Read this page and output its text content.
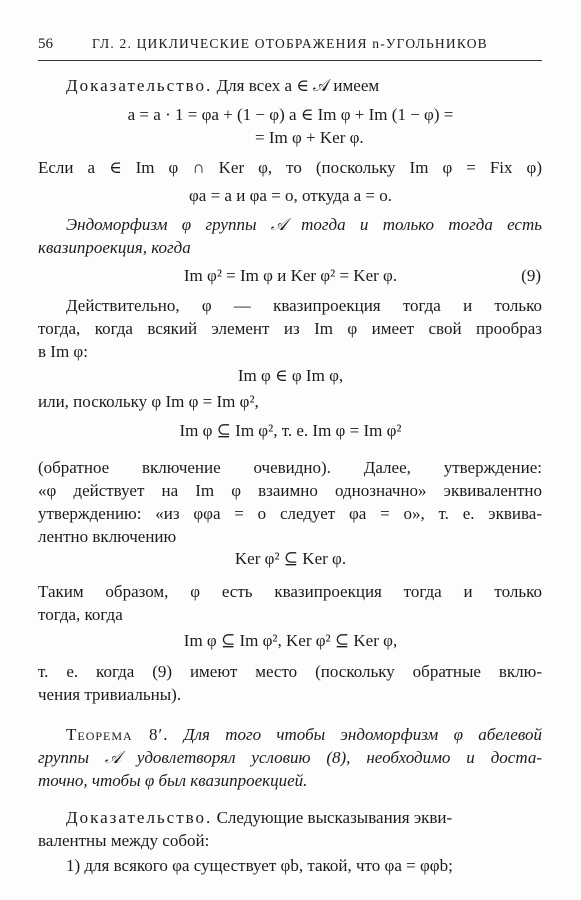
56	ГЛ. 2. ЦИКЛИЧЕСКИЕ ОТОБРАЖЕНИЯ n-УГОЛЬНИКОВ
Доказательство. Для всех a ∈ 𝒜 имеем
a = a · 1 = φa + (1 − φ) a ∈ Im φ + Im (1 − φ) =
= Im φ + Ker φ.
Если a ∈ Im φ ∩ Ker φ, то (поскольку Im φ = Fix φ)
φa = a и φa = o, откуда a = o.
Эндоморфизм φ группы 𝒜 тогда и только тогда есть
квазипроекция, когда
Im φ² = Im φ и Ker φ² = Ker φ.	(9)
Действительно, φ — квазипроекция тогда и только
тогда, когда всякий элемент из Im φ имеет свой прообраз
в Im φ:
Im φ ∈ φ Im φ,
или, поскольку φ Im φ = Im φ²,
Im φ ⊆ Im φ², т. е. Im φ = Im φ²
(обратное включение очевидно). Далее, утверждение:
«φ действует на Im φ взаимно однозначно» эквивалентно
утверждению: «из φφa = o следует φa = o», т. е. эквива-
лентно включению
Ker φ² ⊆ Ker φ.
Таким образом, φ есть квазипроекция тогда и только
тогда, когда
Im φ ⊆ Im φ², Ker φ² ⊆ Ker φ,
т. е. когда (9) имеют место (поскольку обратные вклю-
чения тривиальны).
Теорема 8′. Для того чтобы эндоморфизм φ абелевой
группы 𝒜 удовлетворял условию (8), необходимо и доста-
точно, чтобы φ был квазипроекцией.
Доказательство. Следующие высказывания экви-
валентны между собой:
1) для всякого φa существует φb, такой, что φa = φφb;
